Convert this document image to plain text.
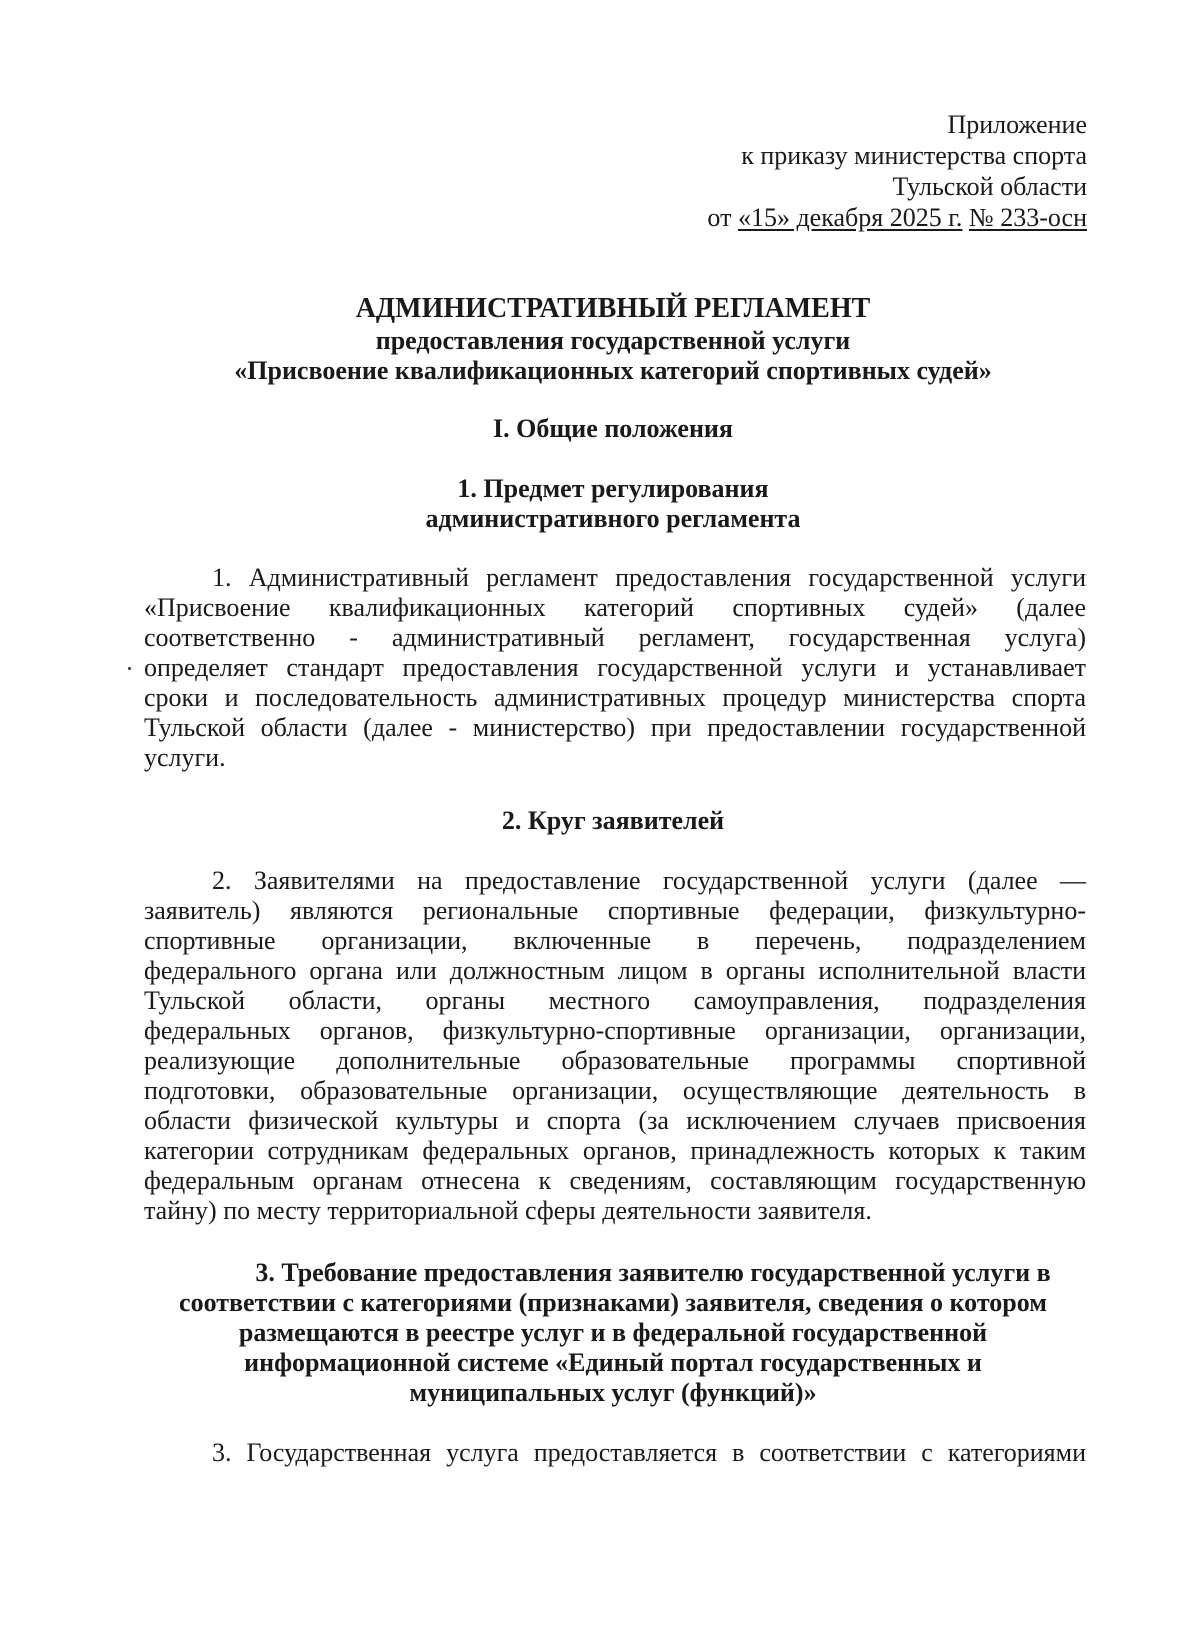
Приложение
к приказу министерства спорта
Тульской области
от «15» декабря 2025 г. № 233-осн
АДМИНИСТРАТИВНЫЙ РЕГЛАМЕНТ
предоставления государственной услуги
«Присвоение квалификационных категорий спортивных судей»
I. Общие положения
1. Предмет регулирования
административного регламента
1. Административный регламент предоставления государственной услуги
«Присвоение квалификационных категорий спортивных судей» (далее
соответственно - административный регламент, государственная услуга)
определяет стандарт предоставления государственной услуги и устанавливает
сроки и последовательность административных процедур министерства спорта
Тульской области (далее - министерство) при предоставлении государственной
услуги.
2. Круг заявителей
2. Заявителями на предоставление государственной услуги (далее —
заявитель) являются региональные спортивные федерации, физкультурно-
спортивные организации, включенные в перечень, подразделением
федерального органа или должностным лицом в органы исполнительной власти
Тульской области, органы местного самоуправления, подразделения
федеральных органов, физкультурно-спортивные организации, организации,
реализующие дополнительные образовательные программы спортивной
подготовки, образовательные организации, осуществляющие деятельность в
области физической культуры и спорта (за исключением случаев присвоения
категории сотрудникам федеральных органов, принадлежность которых к таким
федеральным органам отнесена к сведениям, составляющим государственную
тайну) по месту территориальной сферы деятельности заявителя.
3. Требование предоставления заявителю государственной услуги в
соответствии с категориями (признаками) заявителя, сведения о котором
размещаются в реестре услуг и в федеральной государственной
информационной системе «Единый портал государственных и
муниципальных услуг (функций)»
3. Государственная услуга предоставляется в соответствии с категориями
